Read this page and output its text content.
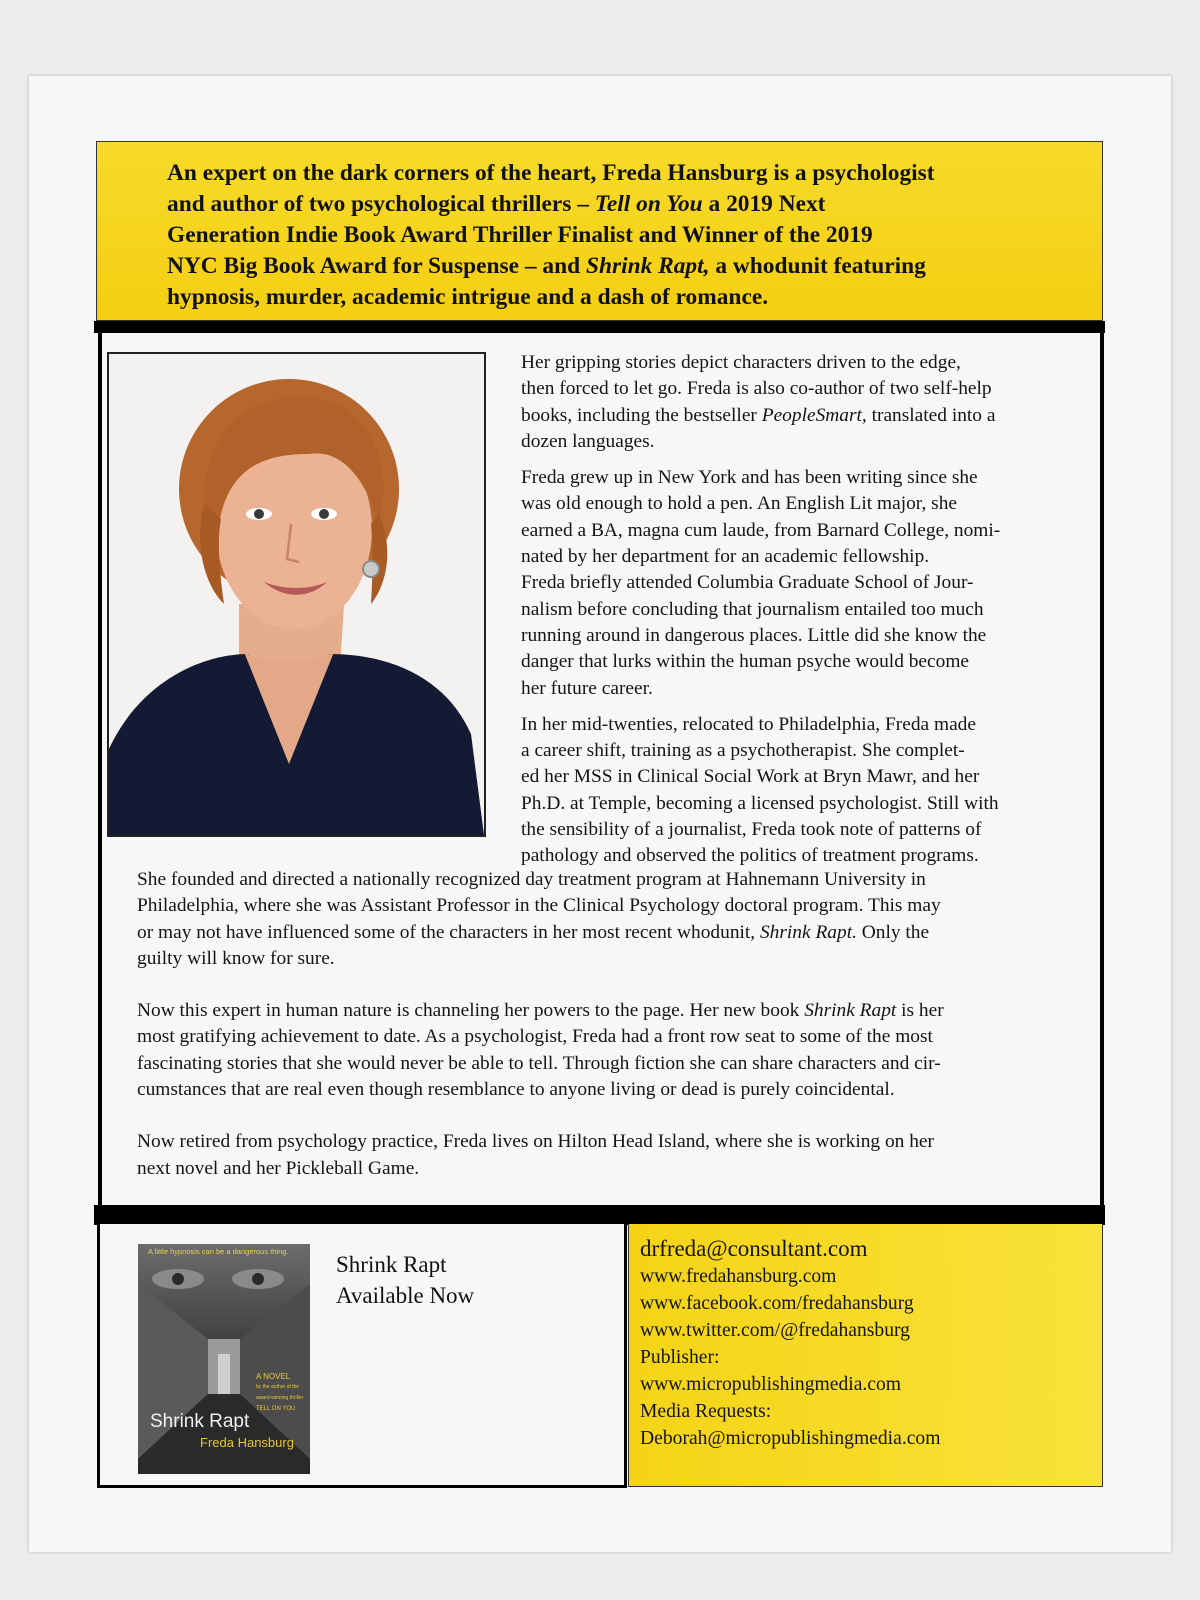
An expert on the dark corners of the heart, Freda Hansburg is a psychologist
and author of two psychological thrillers – Tell on You a 2019 Next
Generation Indie Book Award Thriller Finalist and Winner of the 2019
NYC Big Book Award for Suspense – and Shrink Rapt, a whodunit featuring
hypnosis, murder, academic intrigue and a dash of romance.

Her gripping stories depict characters driven to the edge,
then forced to let go. Freda is also co-author of two self-help
books, including the bestseller PeopleSmart, translated into a
dozen languages.

Freda grew up in New York and has been writing since she
was old enough to hold a pen. An English Lit major, she
earned a BA, magna cum laude, from Barnard College, nomi-
nated by her department for an academic fellowship.
Freda briefly attended Columbia Graduate School of Jour-
nalism before concluding that journalism entailed too much
running around in dangerous places. Little did she know the
danger that lurks within the human psyche would become
her future career.

In her mid-twenties, relocated to Philadelphia, Freda made
a career shift, training as a psychotherapist. She complet-
ed her MSS in Clinical Social Work at Bryn Mawr, and her
Ph.D. at Temple, becoming a licensed psychologist. Still with
the sensibility of a journalist, Freda took note of patterns of
pathology and observed the politics of treatment programs.

She founded and directed a nationally recognized day treatment program at Hahnemann University in
Philadelphia, where she was Assistant Professor in the Clinical Psychology doctoral program. This may
or may not have influenced some of the characters in her most recent whodunit, Shrink Rapt. Only the
guilty will know for sure.

Now this expert in human nature is channeling her powers to the page. Her new book Shrink Rapt is her
most gratifying achievement to date. As a psychologist, Freda had a front row seat to some of the most
fascinating stories that she would never be able to tell. Through fiction she can share characters and cir-
cumstances that are real even though resemblance to anyone living or dead is purely coincidental.

Now retired from psychology practice, Freda lives on Hilton Head Island, where she is working on her
next novel and her Pickleball Game.

A little hypnosis can be a dangerous thing.
A NOVEL
by the author of the
award-winning thriller
TELL ON YOU
Shrink Rapt
Freda Hansburg
Shrink Rapt
Available Now
drfreda@consultant.com
www.fredahansburg.com
www.facebook.com/fredahansburg
www.twitter.com/@fredahansburg
Publisher:
www.micropublishingmedia.com
Media Requests:
Deborah@micropublishingmedia.com
